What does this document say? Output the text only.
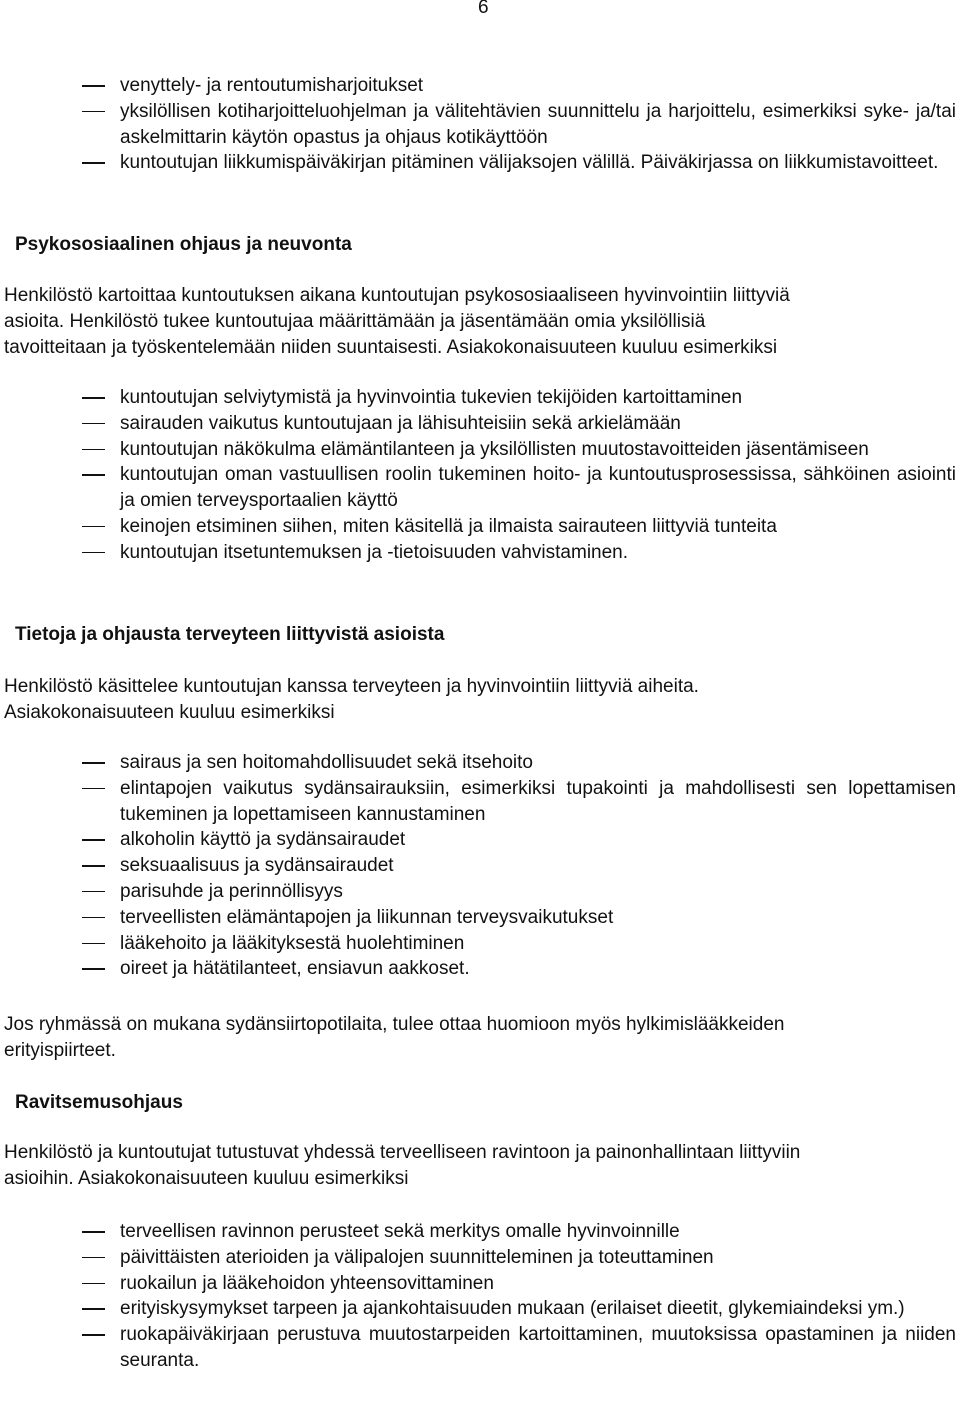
6
venyttely- ja rentoutumisharjoitukset
yksilöllisen kotiharjoitteluohjelman ja välitehtävien suunnittelu ja harjoittelu, esimerkiksi syke- ja/tai askelmittarin käytön opastus ja ohjaus kotikäyttöön
kuntoutujan liikkumispäiväkirjan pitäminen välijaksojen välillä. Päiväkirjassa on liikkumistavoitteet.
Psykososiaalinen ohjaus ja neuvonta
Henkilöstö kartoittaa kuntoutuksen aikana kuntoutujan psykososiaaliseen hyvinvointiin liittyviä
asioita. Henkilöstö tukee kuntoutujaa määrittämään ja jäsentämään omia yksilöllisiä
tavoitteitaan ja työskentelemään niiden suuntaisesti. Asiakokonaisuuteen kuuluu esimerkiksi
kuntoutujan selviytymistä ja hyvinvointia tukevien tekijöiden kartoittaminen
sairauden vaikutus kuntoutujaan ja lähisuhteisiin sekä arkielämään
kuntoutujan näkökulma elämäntilanteen ja yksilöllisten muutostavoitteiden jäsentämiseen
kuntoutujan oman vastuullisen roolin tukeminen hoito- ja kuntoutusprosessissa, sähköinen asiointi ja omien terveysportaalien käyttö
keinojen etsiminen siihen, miten käsitellä ja ilmaista sairauteen liittyviä tunteita
kuntoutujan itsetuntemuksen ja -tietoisuuden vahvistaminen.
Tietoja ja ohjausta terveyteen liittyvistä asioista
Henkilöstö käsittelee kuntoutujan kanssa terveyteen ja hyvinvointiin liittyviä aiheita.
Asiakokonaisuuteen kuuluu esimerkiksi
sairaus ja sen hoitomahdollisuudet sekä itsehoito
elintapojen vaikutus sydänsairauksiin, esimerkiksi tupakointi ja mahdollisesti sen lopettamisen tukeminen ja lopettamiseen kannustaminen
alkoholin käyttö ja sydänsairaudet
seksuaalisuus ja sydänsairaudet
parisuhde ja perinnöllisyys
terveellisten elämäntapojen ja liikunnan terveysvaikutukset
lääkehoito ja lääkityksestä huolehtiminen
oireet ja hätätilanteet, ensiavun aakkoset.
Jos ryhmässä on mukana sydänsiirtopotilaita, tulee ottaa huomioon myös hylkimislääkkeiden
erityispiirteet.
Ravitsemusohjaus
Henkilöstö ja kuntoutujat tutustuvat yhdessä terveelliseen ravintoon ja painonhallintaan liittyviin
asioihin. Asiakokonaisuuteen kuuluu esimerkiksi
terveellisen ravinnon perusteet sekä merkitys omalle hyvinvoinnille
päivittäisten aterioiden ja välipalojen suunnitteleminen ja toteuttaminen
ruokailun ja lääkehoidon yhteensovittaminen
erityiskysymykset tarpeen ja ajankohtaisuuden mukaan (erilaiset dieetit, glykemiaindeksi ym.)
ruokapäiväkirjaan perustuva muutostarpeiden kartoittaminen, muutoksissa opastaminen ja niiden seuranta.
